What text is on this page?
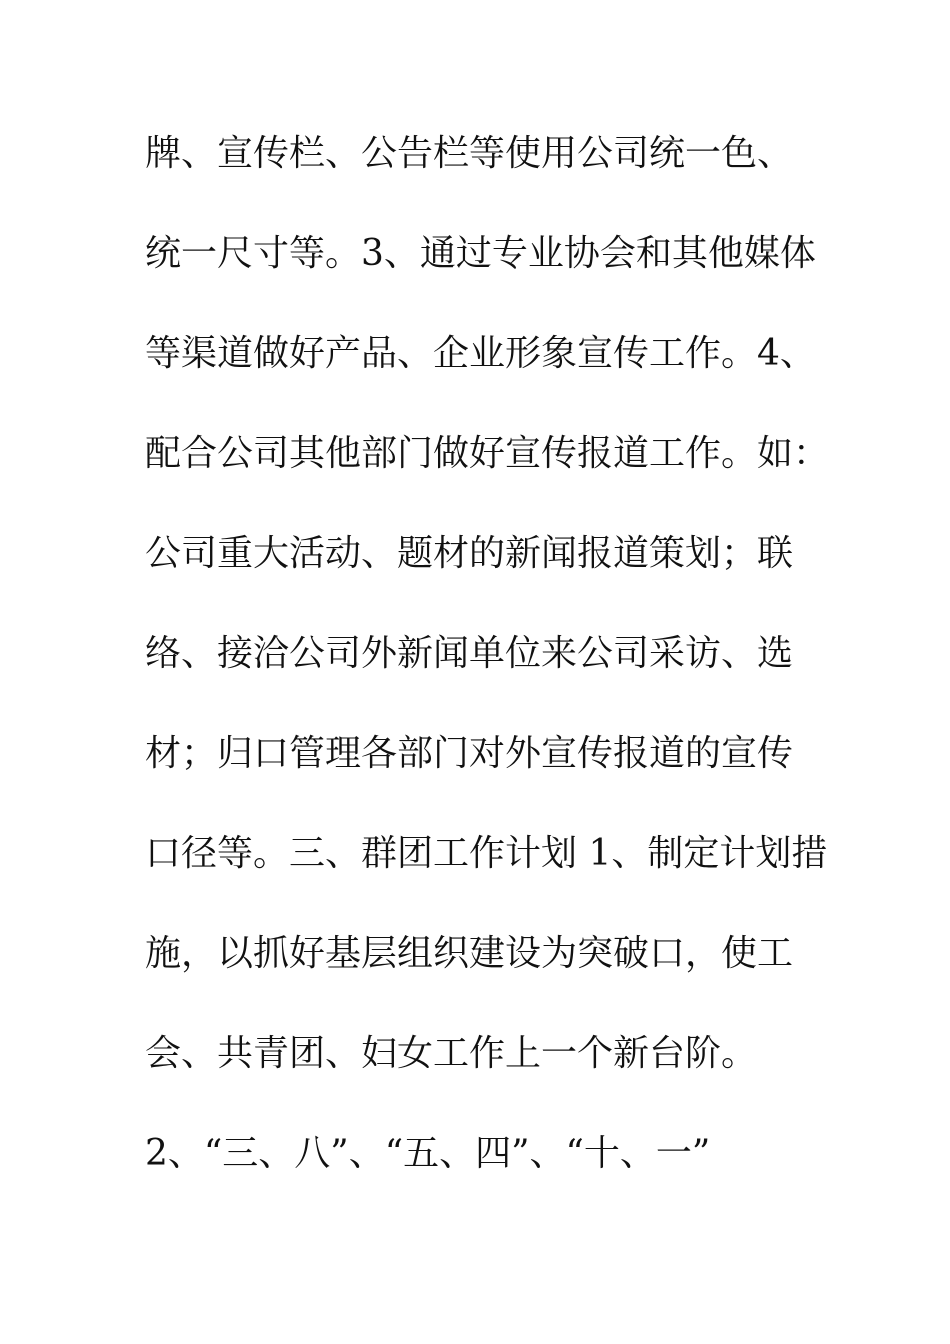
牌、宣传栏、公告栏等使用公司统一色、
统一尺寸等。3、通过专业协会和其他媒体
等渠道做好产品、企业形象宣传工作。4、
配合公司其他部门做好宣传报道工作。如：
公司重大活动、题材的新闻报道策划；联
络、接洽公司外新闻单位来公司采访、选
材；归口管理各部门对外宣传报道的宣传
口径等。三、群团工作计划 1、制定计划措
施，以抓好基层组织建设为突破口，使工
会、共青团、妇女工作上一个新台阶。
2、“三、八”、“五、四”、“十、一”
